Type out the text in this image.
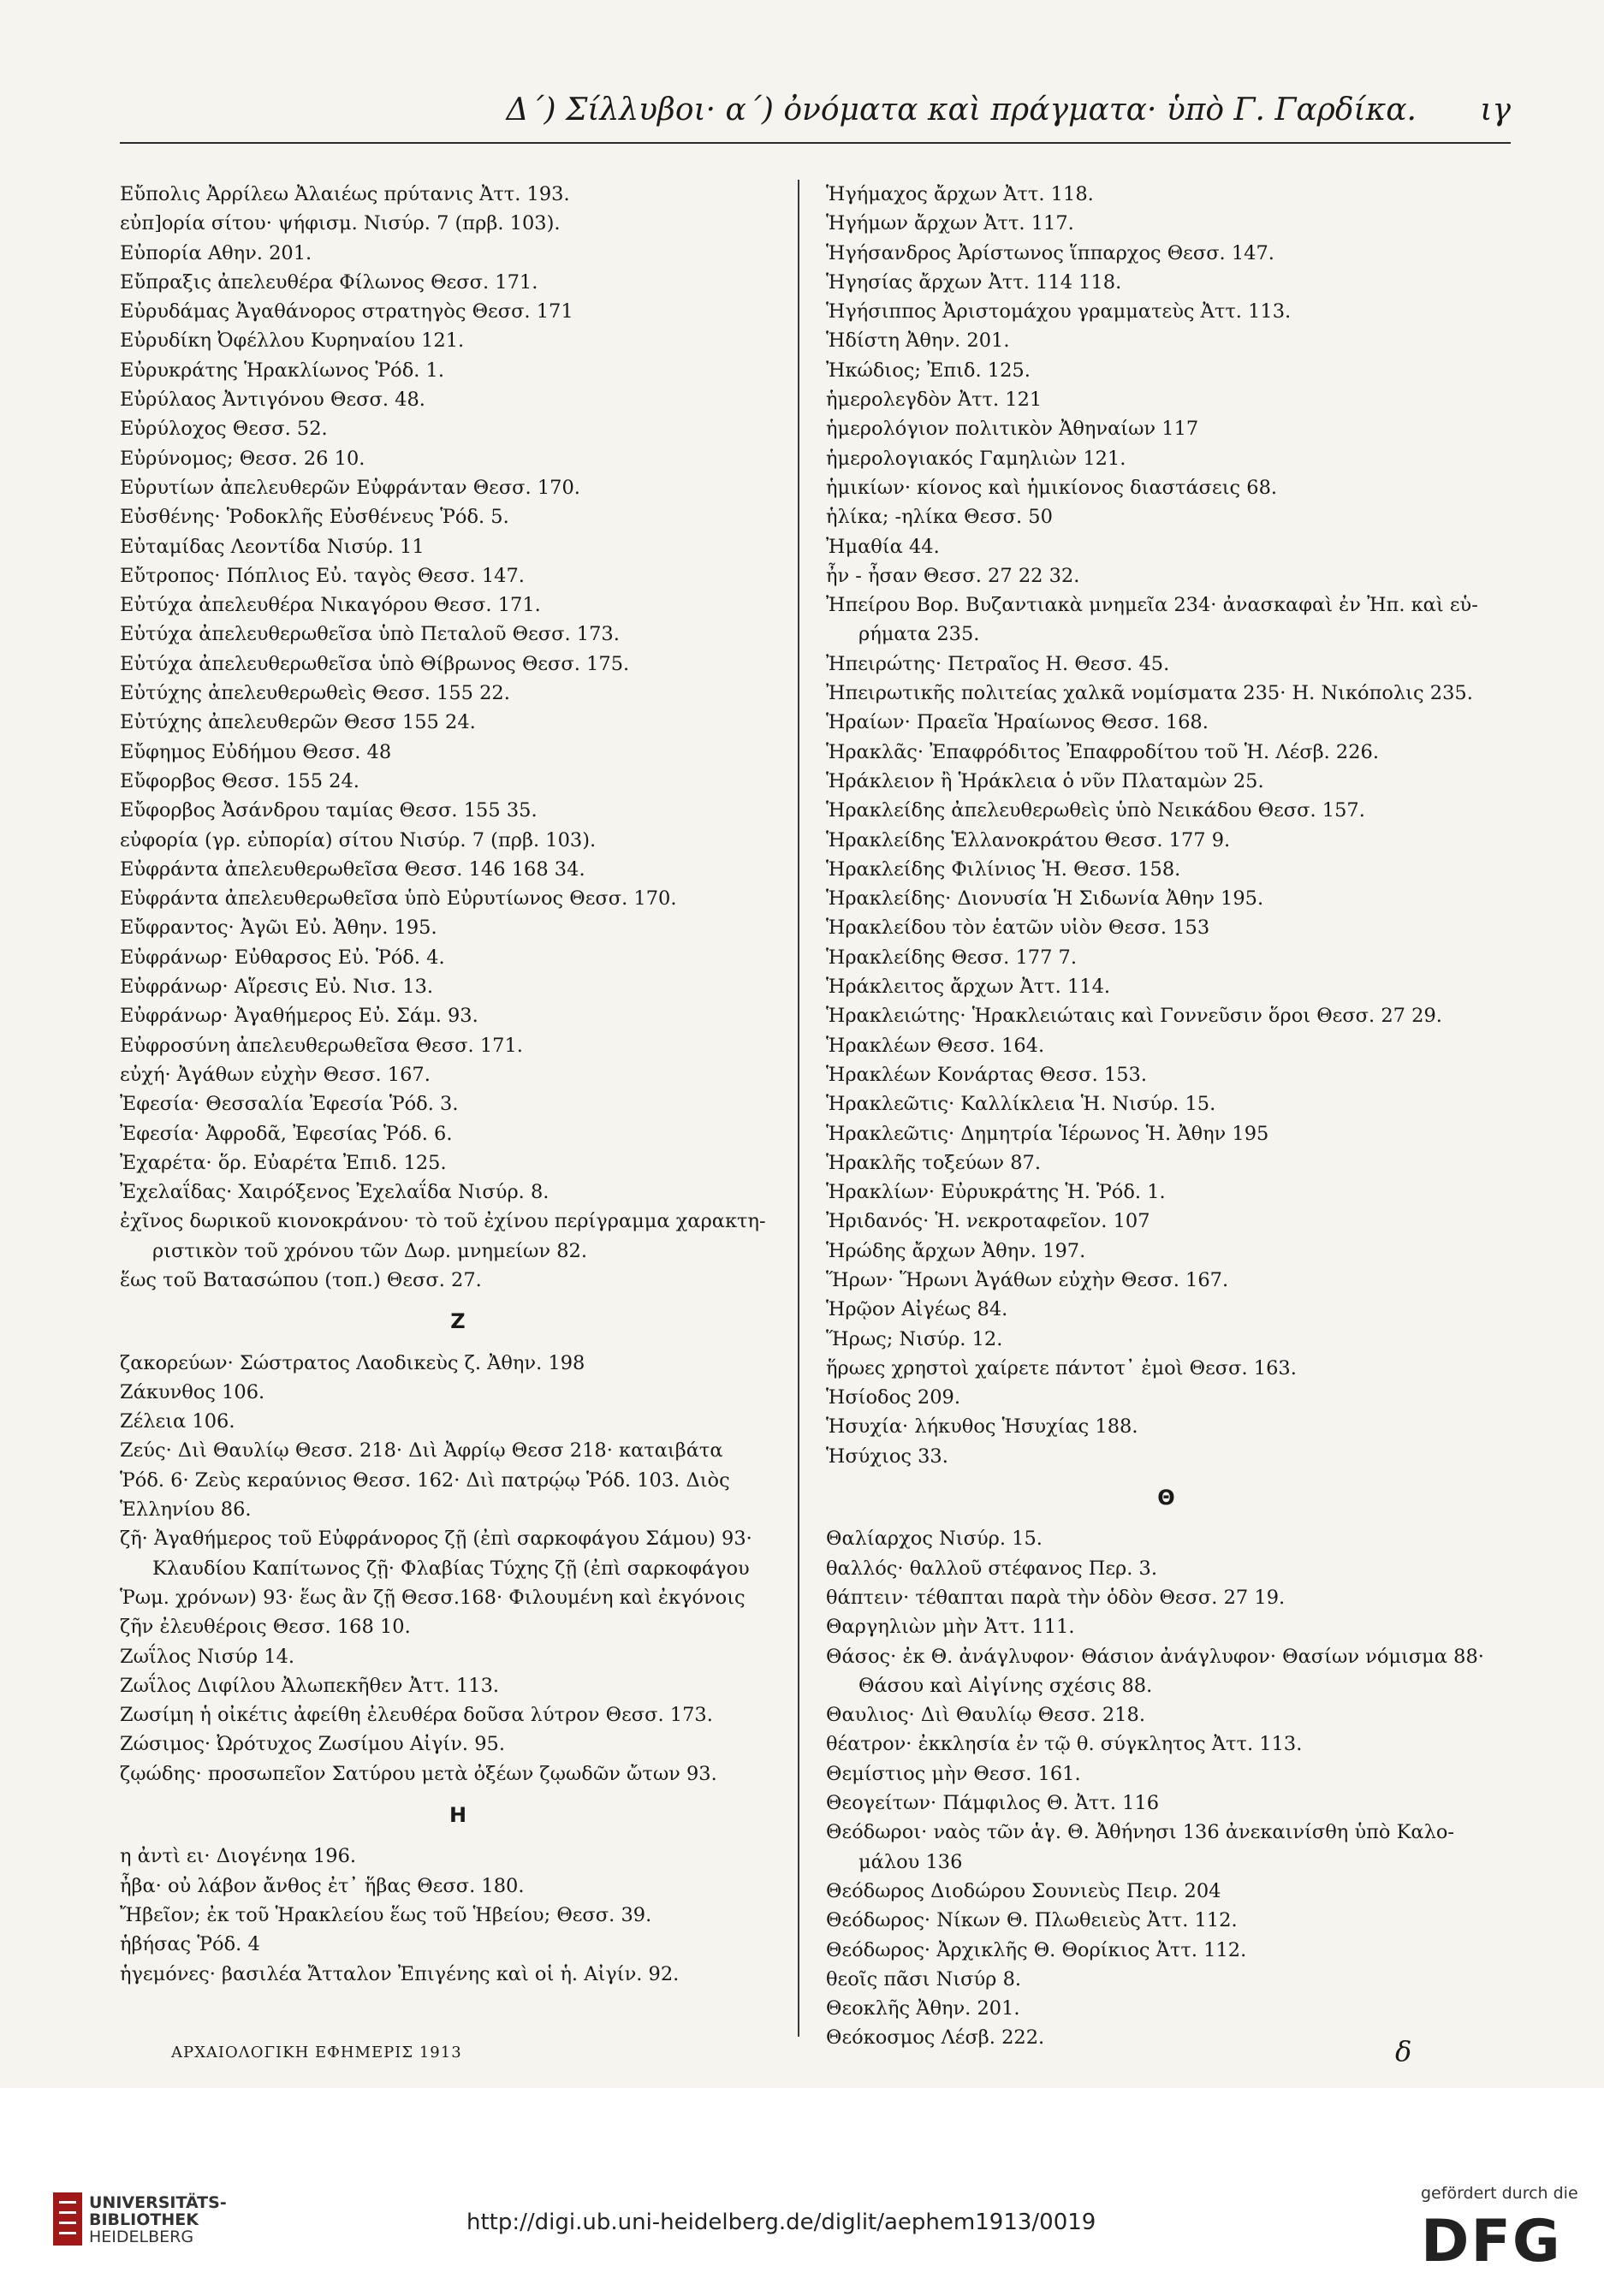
Δ΄) Σίλλυβοι· α΄) ὀνόματα καὶ πράγματα· ὑπὸ Γ. Γαρδίκα. ιγ
Εὔπολις Ἀρρίλεω Ἀλαιέως πρύτανις Ἀττ. 193.
εὐπ]ορία σίτου· ψήφισμ. Νισύρ. 7 (πρβ. 103).
Εὐπορία Αθην. 201.
Εὔπραξις ἀπελευθέρα Φίλωνος Θεσσ. 171.
Εὐρυδάμας Ἀγαθάνορος στρατηγὸς Θεσσ. 171
Εὐρυδίκη Ὀφέλλου Κυρηναίου 121.
Εὐρυκράτης Ἡρακλίωνος Ῥόδ. 1.
Εὐρύλαος Ἀντιγόνου Θεσσ. 48.
Εὐρύλοχος Θεσσ. 52.
Εὐρύνομος; Θεσσ. 26 10.
Εὐρυτίων ἀπελευθερῶν Εὐφράνταν Θεσσ. 170.
Εὐσθένης· Ῥοδοκλῆς Εὐσθένευς Ῥόδ. 5.
Εὐταμίδας Λεοντίδα Νισύρ. 11
Εὔτροπος· Πόπλιος Εὐ. ταγὸς Θεσσ. 147.
Εὐτύχα ἀπελευθέρα Νικαγόρου Θεσσ. 171.
Εὐτύχα ἀπελευθερωθεῖσα ὑπὸ Πεταλοῦ Θεσσ. 173.
Εὐτύχα ἀπελευθερωθεῖσα ὑπὸ Θίβρωνος Θεσσ. 175.
Εὐτύχης ἀπελευθερωθεὶς Θεσσ. 155 22.
Εὐτύχης ἀπελευθερῶν Θεσσ 155 24.
Εὔφημος Εὐδήμου Θεσσ. 48
Εὔφορβος Θεσσ. 155 24.
Εὔφορβος Ἀσάνδρου ταμίας Θεσσ. 155 35.
εὐφορία (γρ. εὐπορία) σίτου Νισύρ. 7 (πρβ. 103).
Εὐφράντα ἀπελευθερωθεῖσα Θεσσ. 146 168 34.
Εὐφράντα ἀπελευθερωθεῖσα ὑπὸ Εὐρυτίωνος Θεσσ. 170.
Εὔφραντος· Ἀγῶι Εὐ. Ἀθην. 195.
Εὐφράνωρ· Εὐθαρσος Εὐ. Ῥόδ. 4.
Εὐφράνωρ· Αἵρεσις Εὐ. Νισ. 13.
Εὐφράνωρ· Ἀγαθήμερος Εὐ. Σάμ. 93.
Εὐφροσύνη ἀπελευθερωθεῖσα Θεσσ. 171.
εὐχή· Ἀγάθων εὐχὴν Θεσσ. 167.
Ἐφεσία· Θεσσαλία Ἐφεσία Ῥόδ. 3.
Ἐφεσία· Ἀφροδᾶ, Ἐφεσίας Ῥόδ. 6.
Ἐχαρέτα· ὅρ. Εὐαρέτα Ἐπιδ. 125.
Ἐχελαΐδας· Χαιρόξενος Ἐχελαΐδα Νισύρ. 8.
ἐχῖνος δωρικοῦ κιονοκράνου· τὸ τοῦ ἐχίνου περίγραμμα χαρακτη-
ριστικὸν τοῦ χρόνου τῶν Δωρ. μνημείων 82.
ἕως τοῦ Βατασώπου (τοπ.) Θεσσ. 27.
Ζ
ζακορεύων· Σώστρατος Λαοδικεὺς ζ. Ἀθην. 198
Ζάκυνθος 106.
Ζέλεια 106.
Ζεύς· Διὶ Θαυλίῳ Θεσσ. 218· Διὶ Ἀφρίῳ Θεσσ 218· καταιβάτα
Ῥόδ. 6· Ζεὺς κεραύνιος Θεσσ. 162· Διὶ πατρῴῳ Ῥόδ. 103. Διὸς
Ἑλληνίου 86.
ζῆ· Ἀγαθήμερος τοῦ Εὐφράνορος ζῇ (ἐπὶ σαρκοφάγου Σάμου) 93·
Κλαυδίου Καπίτωνος ζῇ· Φλαβίας Τύχης ζῇ (ἐπὶ σαρκοφάγου
Ῥωμ. χρόνων) 93· ἕως ἂν ζῇ Θεσσ.168· Φιλουμένη καὶ ἐκγόνοις
ζῆν ἐλευθέροις Θεσσ. 168 10.
Ζωΐλος Νισύρ 14.
Ζωΐλος Διφίλου Ἀλωπεκῆθεν Ἀττ. 113.
Ζωσίμη ἡ οἰκέτις ἀφείθη ἐλευθέρα δοῦσα λύτρον Θεσσ. 173.
Ζώσιμος· Ὠρότυχος Ζωσίμου Αἰγίν. 95.
ζῳώδης· προσωπεῖον Σατύρου μετὰ ὀξέων ζῳωδῶν ὤτων 93.
Η
η ἀντὶ ει· Διογένηα 196.
ἦβα· οὐ λάβον ἄνθος ἐτ᾿ ἥβας Θεσσ. 180.
Ἤβεῖον; ἐκ τοῦ Ἡρακλείου ἕως τοῦ Ἡβείου; Θεσσ. 39.
ἡβήσας Ῥόδ. 4
ἡγεμόνες· βασιλέα Ἄτταλον Ἐπιγένης καὶ οἱ ἡ. Αἰγίν. 92.
Ἡγήμαχος ἄρχων Ἀττ. 118.
Ἡγήμων ἄρχων Ἀττ. 117.
Ἡγήσανδρος Ἀρίστωνος ἵππαρχος Θεσσ. 147.
Ἡγησίας ἄρχων Ἀττ. 114 118.
Ἡγήσιππος Ἀριστομάχου γραμματεὺς Ἀττ. 113.
Ἡδίστη Ἀθην. 201.
Ἠκώδιος; Ἐπιδ. 125.
ἡμερολεγδὸν Ἀττ. 121
ἡμερολόγιον πολιτικὸν Ἀθηναίων 117
ἡμερολογιακός Γαμηλιὼν 121.
ἡμικίων· κίονος καὶ ἡμικίονος διαστάσεις 68.
ἡλίκα; -ηλίκα Θεσσ. 50
Ἠμαθία 44.
ἦν - ἦσαν Θεσσ. 27 22 32.
Ἠπείρου Βορ. Βυζαντιακὰ μνημεῖα 234· ἀνασκαφαὶ ἐν Ἠπ. καὶ εὑ-
ρήματα 235.
Ἠπειρώτης· Πετραῖος Η. Θεσσ. 45.
Ἠπειρωτικῆς πολιτείας χαλκᾶ νομίσματα 235· Η. Νικόπολις 235.
Ἡραίων· Πραεῖα Ἡραίωνος Θεσσ. 168.
Ἡρακλᾶς· Ἐπαφρόδιτος Ἐπαφροδίτου τοῦ Ἡ. Λέσβ. 226.
Ἡράκλειον ἢ Ἡράκλεια ὁ νῦν Πλαταμὼν 25.
Ἡρακλείδης ἀπελευθερωθεὶς ὑπὸ Νεικάδου Θεσσ. 157.
Ἡρακλείδης Ἑλλανοκράτου Θεσσ. 177 9.
Ἡρακλείδης Φιλίνιος Ἡ. Θεσσ. 158.
Ἡρακλείδης· Διονυσία Ἡ Σιδωνία Ἀθην 195.
Ἡρακλείδου τὸν ἑατῶν υἱὸν Θεσσ. 153
Ἡρακλείδης Θεσσ. 177 7.
Ἡράκλειτος ἄρχων Ἀττ. 114.
Ἡρακλειώτης· Ἡρακλειώταις καὶ Γοννεῦσιν ὅροι Θεσσ. 27 29.
Ἡρακλέων Θεσσ. 164.
Ἡρακλέων Κονάρτας Θεσσ. 153.
Ἡρακλεῶτις· Καλλίκλεια Ἡ. Νισύρ. 15.
Ἡρακλεῶτις· Δημητρία Ἱέρωνος Ἡ. Ἀθην 195
Ἡρακλῆς τοξεύων 87.
Ἡρακλίων· Εὐρυκράτης Ἡ. Ῥόδ. 1.
Ἠριδανός· Ἡ. νεκροταφεῖον. 107
Ἡρώδης ἄρχων Ἀθην. 197.
Ἥρων· Ἥρωνι Ἀγάθων εὐχὴν Θεσσ. 167.
Ἡρῷον Αἰγέως 84.
Ἥρως; Νισύρ. 12.
ἥρωες χρηστοὶ χαίρετε πάντοτ᾿ ἐμοὶ Θεσσ. 163.
Ἡσίοδος 209.
Ἡσυχία· λήκυθος Ἡσυχίας 188.
Ἡσύχιος 33.
Θ
Θαλίαρχος Νισύρ. 15.
θαλλός· θαλλοῦ στέφανος Περ. 3.
θάπτειν· τέθαπται παρὰ τὴν ὁδὸν Θεσσ. 27 19.
Θαργηλιὼν μὴν Ἀττ. 111.
Θάσος· ἐκ Θ. ἀνάγλυφον· Θάσιον ἀνάγλυφον· Θασίων νόμισμα 88·
Θάσου καὶ Αἰγίνης σχέσις 88.
Θαυλιος· Διὶ Θαυλίῳ Θεσσ. 218.
θέατρον· ἐκκλησία ἐν τῷ θ. σύγκλητος Ἀττ. 113.
Θεμίστιος μὴν Θεσσ. 161.
Θεογείτων· Πάμφιλος Θ. Ἀττ. 116
Θεόδωροι· ναὸς τῶν ἁγ. Θ. Ἀθήνησι 136 ἀνεκαινίσθη ὑπὸ Καλο-
μάλου 136
Θεόδωρος Διοδώρου Σουνιεὺς Πειρ. 204
Θεόδωρος· Νίκων Θ. Πλωθειεὺς Ἀττ. 112.
Θεόδωρος· Ἀρχικλῆς Θ. Θορίκιος Ἀττ. 112.
θεοῖς πᾶσι Νισύρ 8.
Θεοκλῆς Ἀθην. 201.
Θεόκοσμος Λέσβ. 222.
ΑΡΧΑΙΟΛΟΓΙΚΗ ΕΦΗΜΕΡΙΣ 1913	δ
UNIVERSITÄTS-
BIBLIOTHEK
HEIDELBERG
http://digi.ub.uni-heidelberg.de/diglit/aephem1913/0019
gefördert durch die
DFG
